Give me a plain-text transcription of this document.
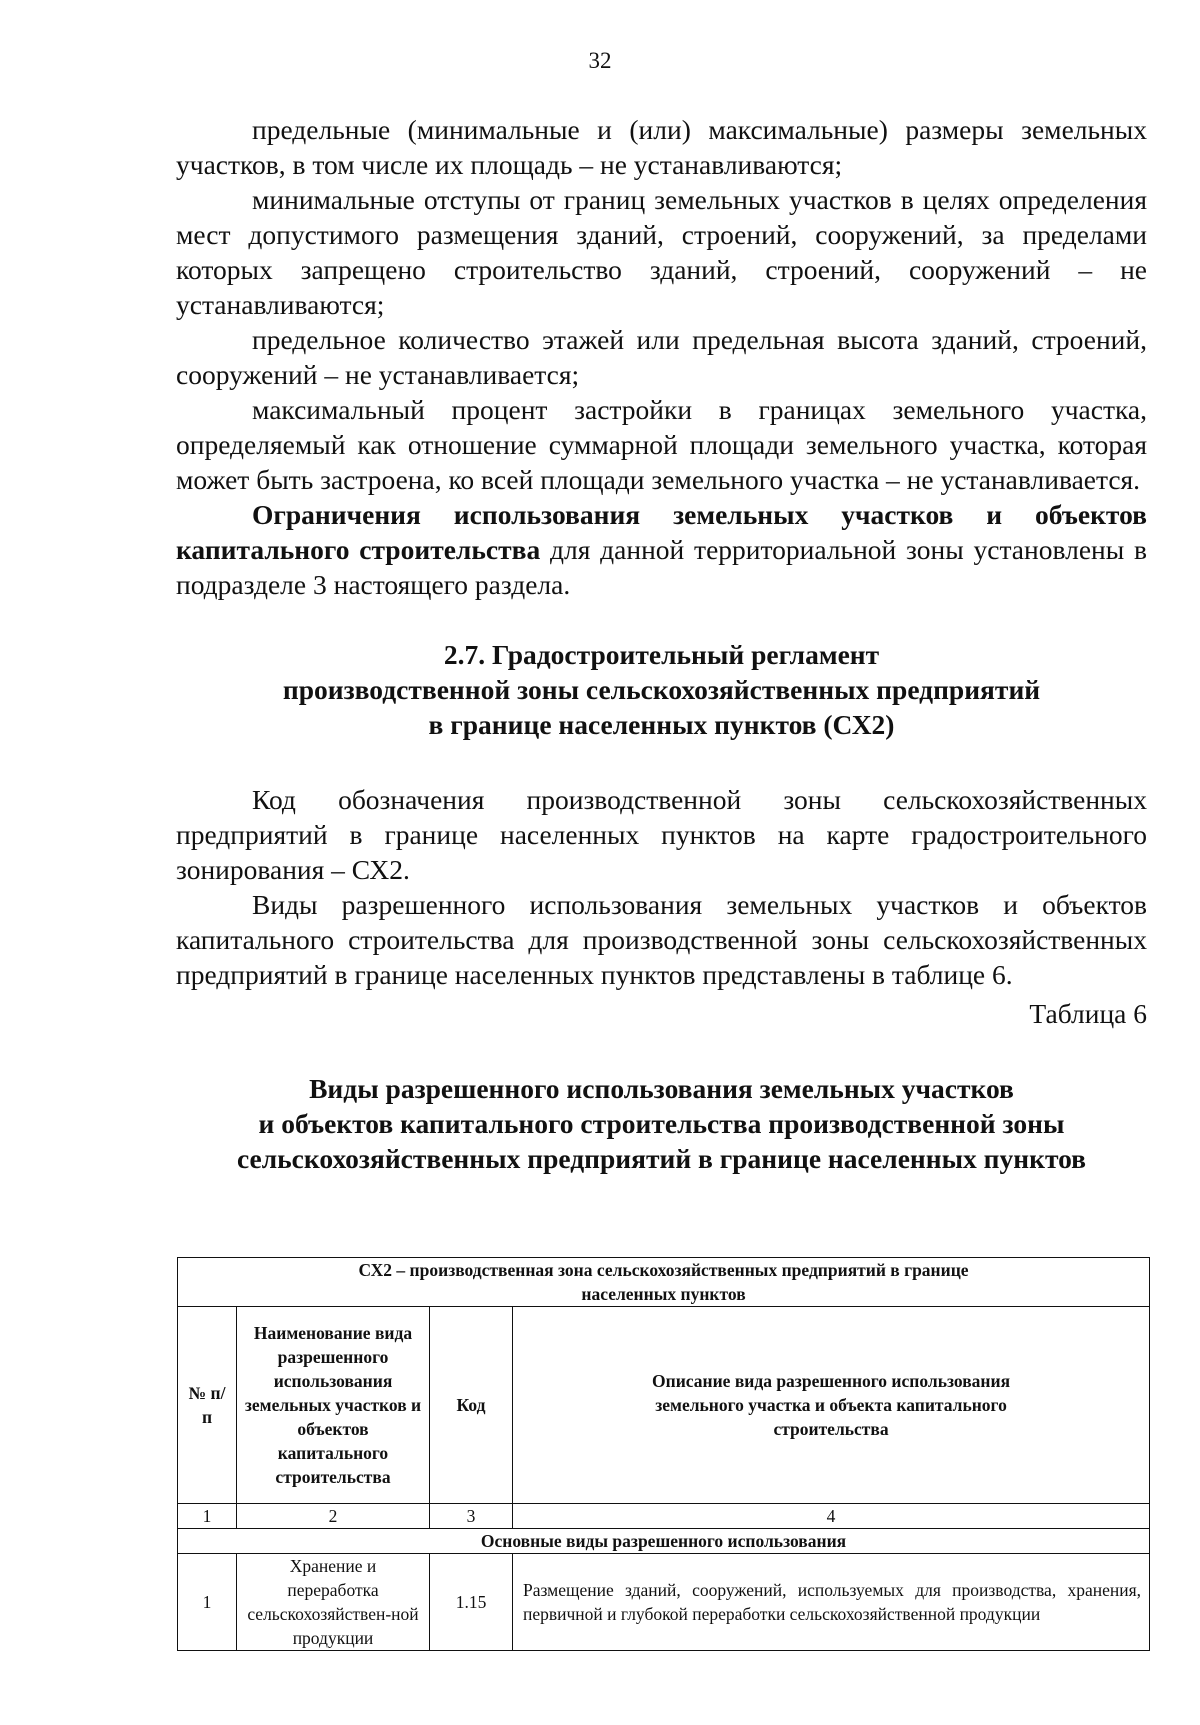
32

предельные (минимальные и (или) максимальные) размеры земельных участков, в том числе их площадь – не устанавливаются;

минимальные отступы от границ земельных участков в целях определения мест допустимого размещения зданий, строений, сооружений, за пределами которых запрещено строительство зданий, строений, сооружений – не устанавливаются;

предельное количество этажей или предельная высота зданий, строений, сооружений – не устанавливается;

максимальный процент застройки в границах земельного участка, определяемый как отношение суммарной площади земельного участка, которая может быть застроена, ко всей площади земельного участка – не устанавливается.

Ограничения использования земельных участков и объектов капитального строительства для данной территориальной зоны установлены в подразделе 3 настоящего раздела.

2.7. Градостроительный регламент
производственной зоны сельскохозяйственных предприятий
в границе населенных пунктов (СХ2)

Код обозначения производственной зоны сельскохозяйственных предприятий в границе населенных пунктов на карте градостроительного зонирования – СХ2.

Виды разрешенного использования земельных участков и объектов капитального строительства для производственной зоны сельскохозяйственных предприятий в границе населенных пунктов представлены в таблице 6.

Таблица 6
Виды разрешенного использования земельных участков
и объектов капитального строительства производственной зоны
сельскохозяйственных предприятий в границе населенных пунктов
СХ2 – производственная зона сельскохозяйственных предприятий в границе населенных пунктов			
№ п/п	Наименование вида разрешенного использования земельных участков и объектов капитального строительства	Код	Описание вида разрешенного использования земельного участка и объекта капитального строительства
1	2	3	4
Основные виды разрешенного использования			
1	Хранение и переработка сельскохозяйствен-ной продукции	1.15	Размещение зданий, сооружений, используемых для производства, хранения, первичной и глубокой переработки сельскохозяйственной продукции
